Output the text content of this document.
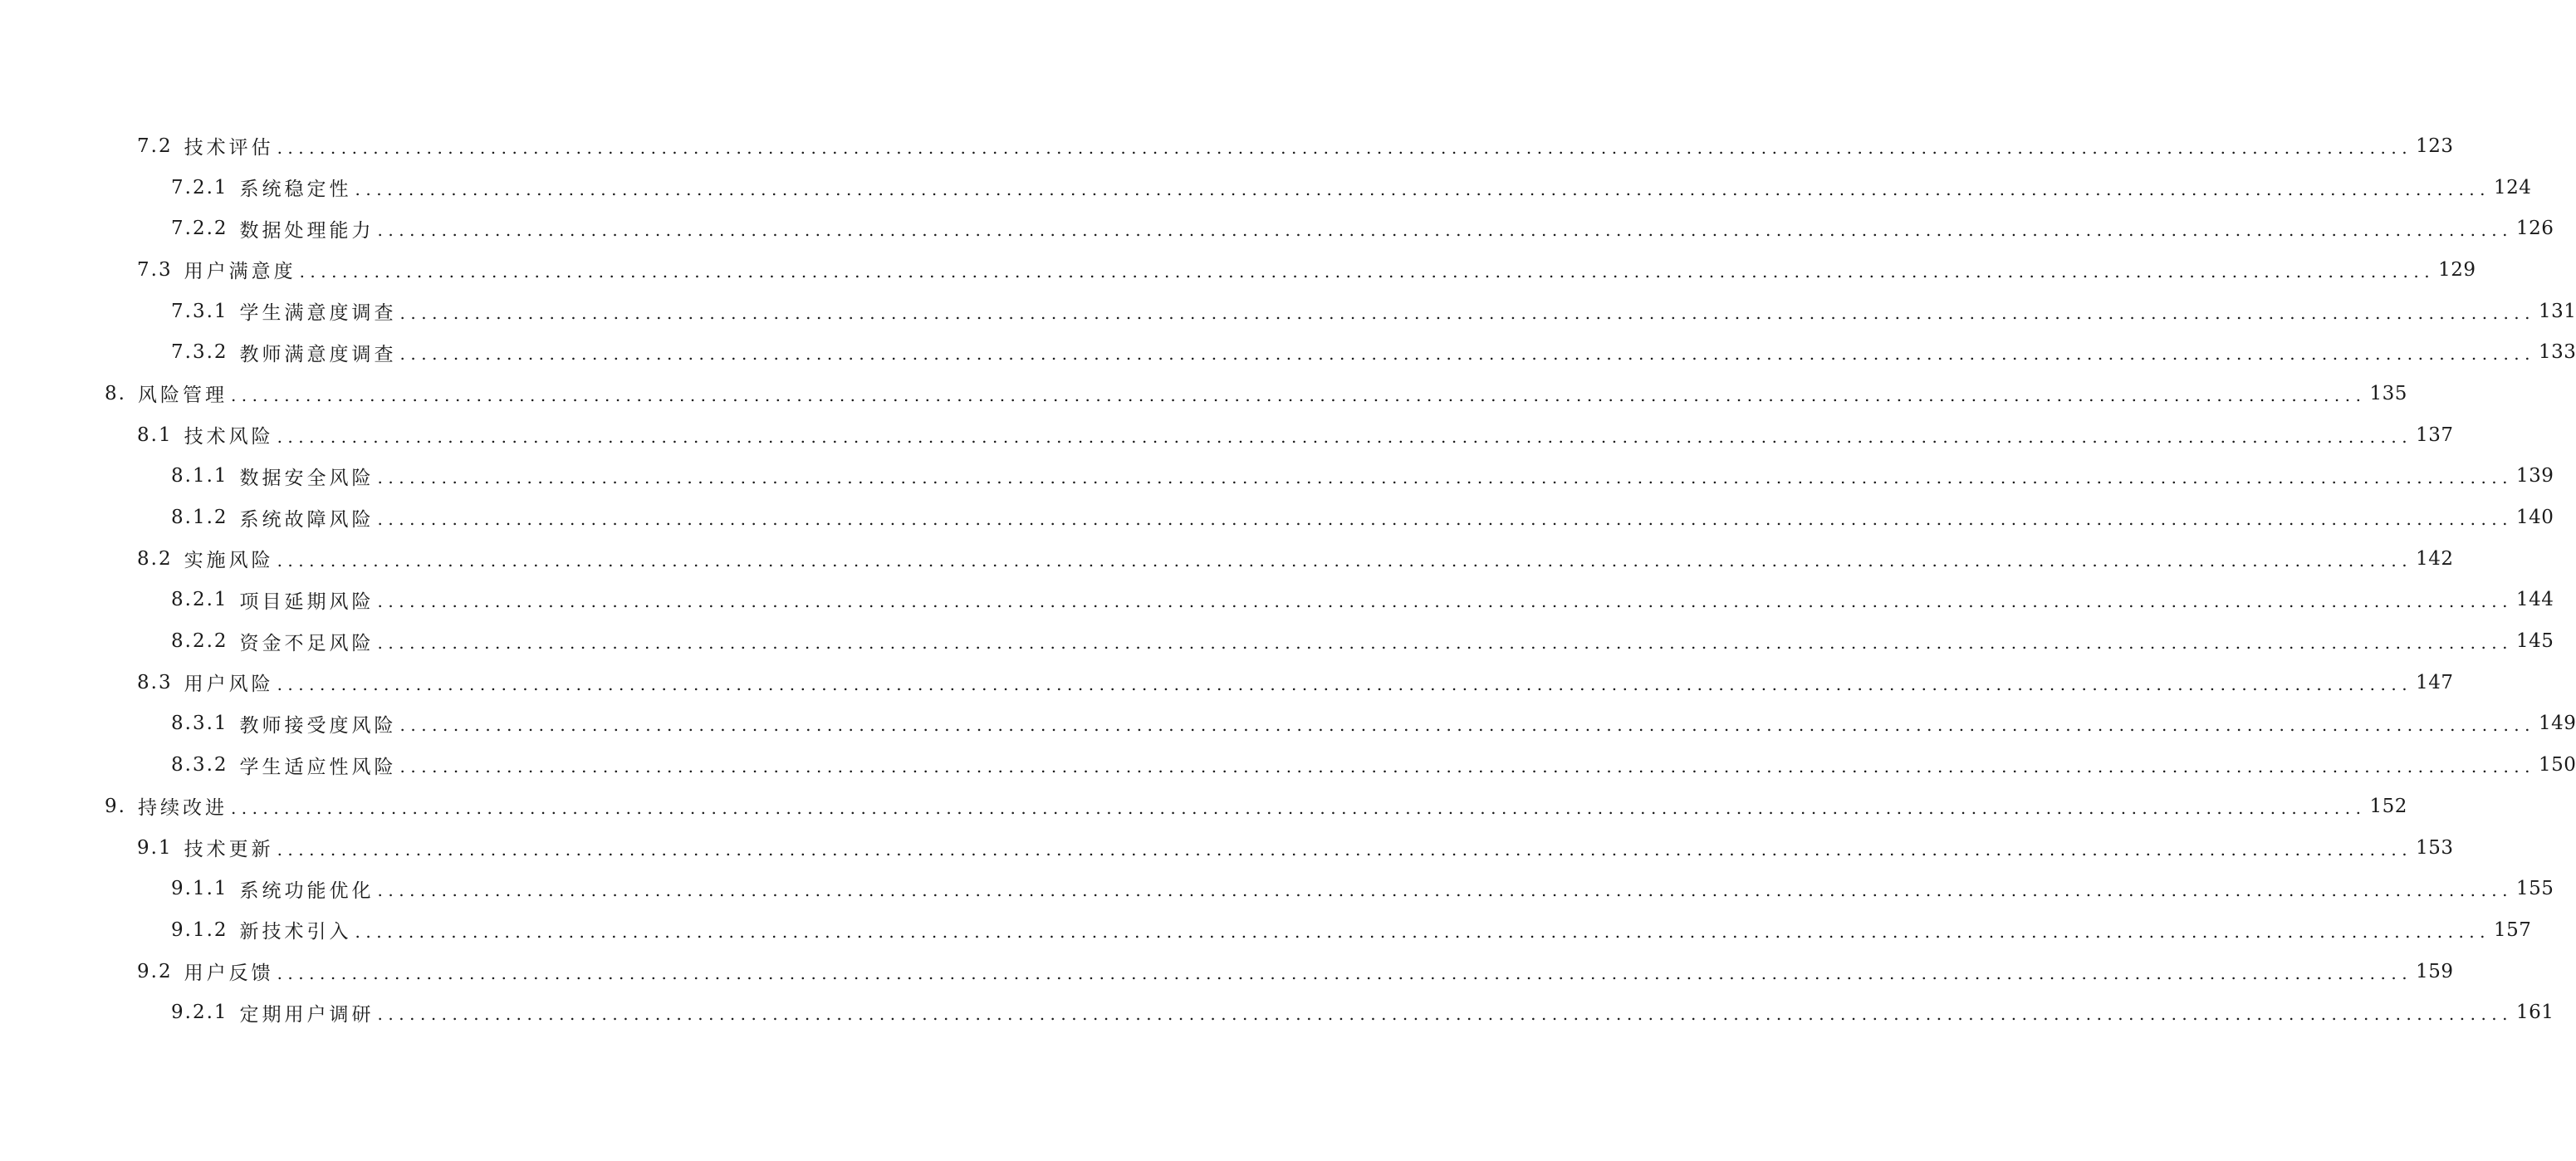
7.2 技术评估 ........................................................................................................................................................................................................ 123
7.2.1 系统稳定性 ........................................................................................................................................................................................................ 124
7.2.2 数据处理能力 ........................................................................................................................................................................................................ 126
7.3 用户满意度 ........................................................................................................................................................................................................ 129
7.3.1 学生满意度调查 ........................................................................................................................................................................................................ 131
7.3.2 教师满意度调查 ........................................................................................................................................................................................................ 133
8. 风险管理 ........................................................................................................................................................................................................ 135
8.1 技术风险 ........................................................................................................................................................................................................ 137
8.1.1 数据安全风险 ........................................................................................................................................................................................................ 139
8.1.2 系统故障风险 ........................................................................................................................................................................................................ 140
8.2 实施风险 ........................................................................................................................................................................................................ 142
8.2.1 项目延期风险 ........................................................................................................................................................................................................ 144
8.2.2 资金不足风险 ........................................................................................................................................................................................................ 145
8.3 用户风险 ........................................................................................................................................................................................................ 147
8.3.1 教师接受度风险 ........................................................................................................................................................................................................ 149
8.3.2 学生适应性风险 ........................................................................................................................................................................................................ 150
9. 持续改进 ........................................................................................................................................................................................................ 152
9.1 技术更新 ........................................................................................................................................................................................................ 153
9.1.1 系统功能优化 ........................................................................................................................................................................................................ 155
9.1.2 新技术引入 ........................................................................................................................................................................................................ 157
9.2 用户反馈 ........................................................................................................................................................................................................ 159
9.2.1 定期用户调研 ........................................................................................................................................................................................................ 161
